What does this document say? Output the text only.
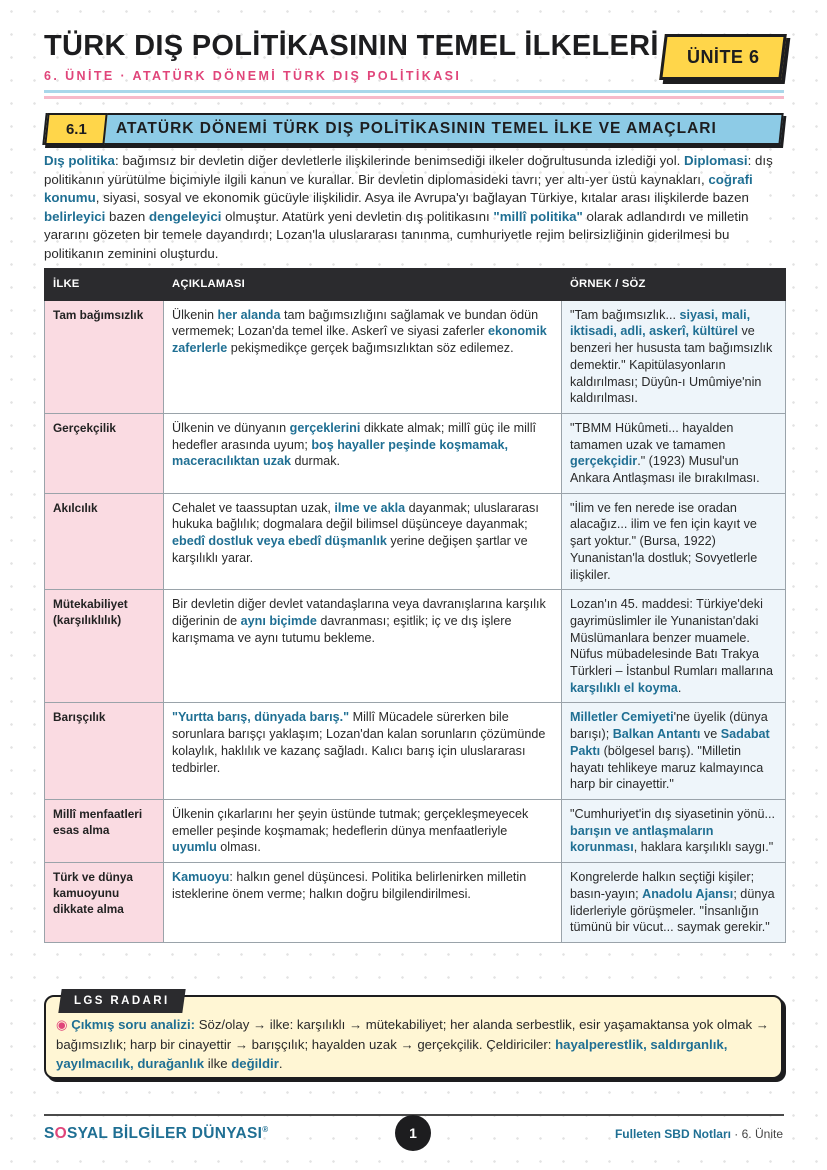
TÜRK DIŞ POLİTİKASININ TEMEL İLKELERİ
6. ÜNİTE · ATATÜRK DÖNEMİ TÜRK DIŞ POLİTİKASI
ÜNİTE 6
6.1 ATATÜRK DÖNEMİ TÜRK DIŞ POLİTİKASININ TEMEL İLKE VE AMAÇLARI

Dış politika: bağımsız bir devletin diğer devletlerle ilişkilerinde benimsediği ilkeler doğrultusunda izlediği yol. Diplomasi: dış politikanın yürütülme biçimiyle ilgili kanun ve kurallar. Bir devletin diplomasideki tavrı; yer altı-yer üstü kaynakları, coğrafi konumu, siyasi, sosyal ve ekonomik gücüyle ilişkilidir. Asya ile Avrupa'yı bağlayan Türkiye, kıtalar arası ilişkilerde bazen belirleyici bazen dengeleyici olmuştur. Atatürk yeni devletin dış politikasını "millî politika" olarak adlandırdı ve milletin yararını gözeten bir temele dayandırdı; Lozan'la uluslararası tanınma, cumhuriyetle rejim belirsizliğinin giderilmesi bu politikanın zeminini oluşturdu.

İLKE	AÇIKLAMASI	ÖRNEK / SÖZ
Tam bağımsızlık	Ülkenin her alanda tam bağımsızlığını sağlamak ve bundan ödün vermemek; Lozan'da temel ilke. Askerî ve siyasi zaferler ekonomik zaferlerle pekişmedikçe gerçek bağımsızlıktan söz edilemez.	"Tam bağımsızlık... siyasi, mali, iktisadi, adli, askerî, kültürel ve benzeri her hususta tam bağımsızlık demektir." Kapitülasyonların kaldırılması; Düyûn-ı Umûmiye'nin kaldırılması.
Gerçekçilik	Ülkenin ve dünyanın gerçeklerini dikkate almak; millî güç ile millî hedefler arasında uyum; boş hayaller peşinde koşmamak, maceracılıktan uzak durmak.	"TBMM Hükûmeti... hayalden tamamen uzak ve tamamen gerçekçidir." (1923) Musul'un Ankara Antlaşması ile bırakılması.
Akılcılık	Cehalet ve taassuptan uzak, ilme ve akla dayanmak; uluslararası hukuka bağlılık; dogmalara değil bilimsel düşünceye dayanmak; ebedî dostluk veya ebedî düşmanlık yerine değişen şartlar ve karşılıklı yarar.	"İlim ve fen nerede ise oradan alacağız... ilim ve fen için kayıt ve şart yoktur." (Bursa, 1922) Yunanistan'la dostluk; Sovyetlerle ilişkiler.
Mütekabiliyet (karşılıklılık)	Bir devletin diğer devlet vatandaşlarına veya davranışlarına karşılık diğerinin de aynı biçimde davranması; eşitlik; iç ve dış işlere karışmama ve aynı tutumu bekleme.	Lozan'ın 45. maddesi: Türkiye'deki gayrimüslimler ile Yunanistan'daki Müslümanlara benzer muamele. Nüfus mübadelesinde Batı Trakya Türkleri – İstanbul Rumları mallarına karşılıklı el koyma.
Barışçılık	"Yurtta barış, dünyada barış." Millî Mücadele sürerken bile sorunlara barışçı yaklaşım; Lozan'dan kalan sorunların çözümünde kolaylık, haklılık ve kazanç sağladı. Kalıcı barış için uluslararası tedbirler.	Milletler Cemiyeti'ne üyelik (dünya barışı); Balkan Antantı ve Sadabat Paktı (bölgesel barış). "Milletin hayatı tehlikeye maruz kalmayınca harp bir cinayettir."
Millî menfaatleri esas alma	Ülkenin çıkarlarını her şeyin üstünde tutmak; gerçekleşmeyecek emeller peşinde koşmamak; hedeflerin dünya menfaatleriyle uyumlu olması.	"Cumhuriyet'in dış siyasetinin yönü... barışın ve antlaşmaların korunması, haklara karşılıklı saygı."
Türk ve dünya kamuoyunu dikkate alma	Kamuoyu: halkın genel düşüncesi. Politika belirlenirken milletin isteklerine önem verme; halkın doğru bilgilendirilmesi.	Kongrelerde halkın seçtiği kişiler; basın-yayın; Anadolu Ajansı; dünya liderleriyle görüşmeler. "İnsanlığın tümünü bir vücut... saymak gerekir."
LGS RADARI
◉ Çıkmış soru analizi: Söz/olay → ilke: karşılıklı → mütekabiliyet; her alanda serbestlik, esir yaşamaktansa yok olmak → bağımsızlık; harp bir cinayettir → barışçılık; hayalden uzak → gerçekçilik. Çeldiriciler: hayalperestlik, saldırganlık, yayılmacılık, durağanlık ilke değildir.
SOSYAL BİLGİLER DÜNYASI®	1	Fulleten SBD Notları · 6. Ünite
